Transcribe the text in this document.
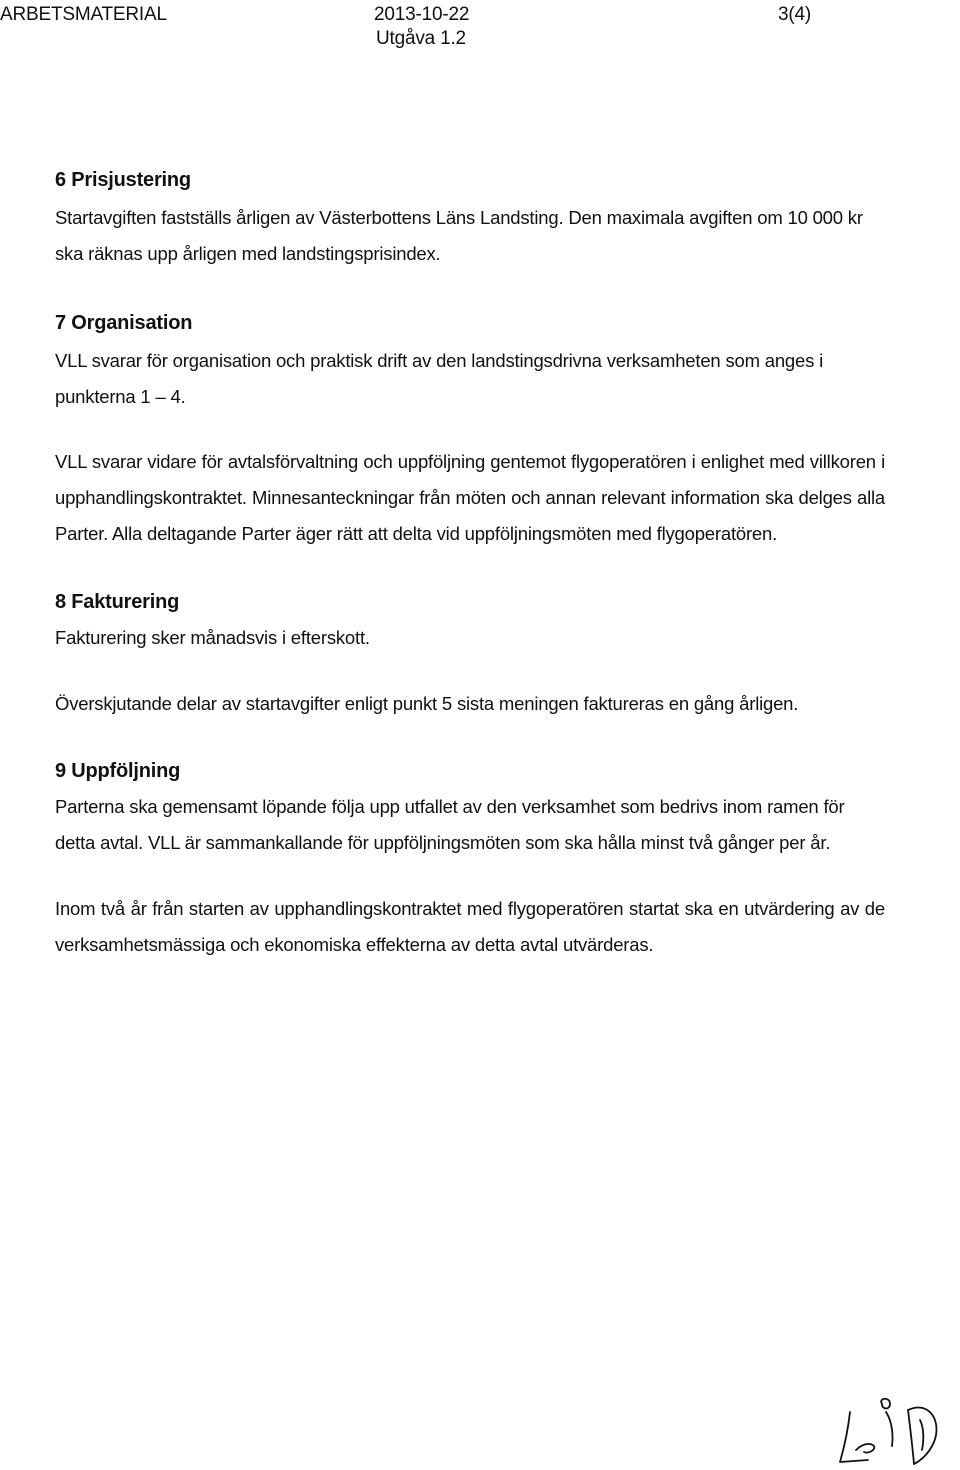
ARBETSMATERIAL	2013-10-22	3(4)
Utgåva 1.2
6 Prisjustering

Startavgiften fastställs årligen av Västerbottens Läns Landsting. Den maximala avgiften om 10 000 kr ska räknas upp årligen med landstingsprisindex.

7 Organisation

VLL svarar för organisation och praktisk drift av den landstingsdrivna verksamheten som anges i punkterna 1 – 4.

VLL svarar vidare för avtalsförvaltning och uppföljning gentemot flygoperatören i enlighet med villkoren i upphandlingskontraktet. Minnesanteckningar från möten och annan relevant information ska delges alla Parter. Alla deltagande Parter äger rätt att delta vid uppföljningsmöten med flygoperatören.

8 Fakturering

Fakturering sker månadsvis i efterskott.

Överskjutande delar av startavgifter enligt punkt 5 sista meningen faktureras en gång årligen.

9 Uppföljning

Parterna ska gemensamt löpande följa upp utfallet av den verksamhet som bedrivs inom ramen för detta avtal. VLL är sammankallande för uppföljningsmöten som ska hålla minst två gånger per år.

Inom två år från starten av upphandlingskontraktet med flygoperatören startat ska en utvärdering av de verksamhetsmässiga och ekonomiska effekterna av detta avtal utvärderas.
